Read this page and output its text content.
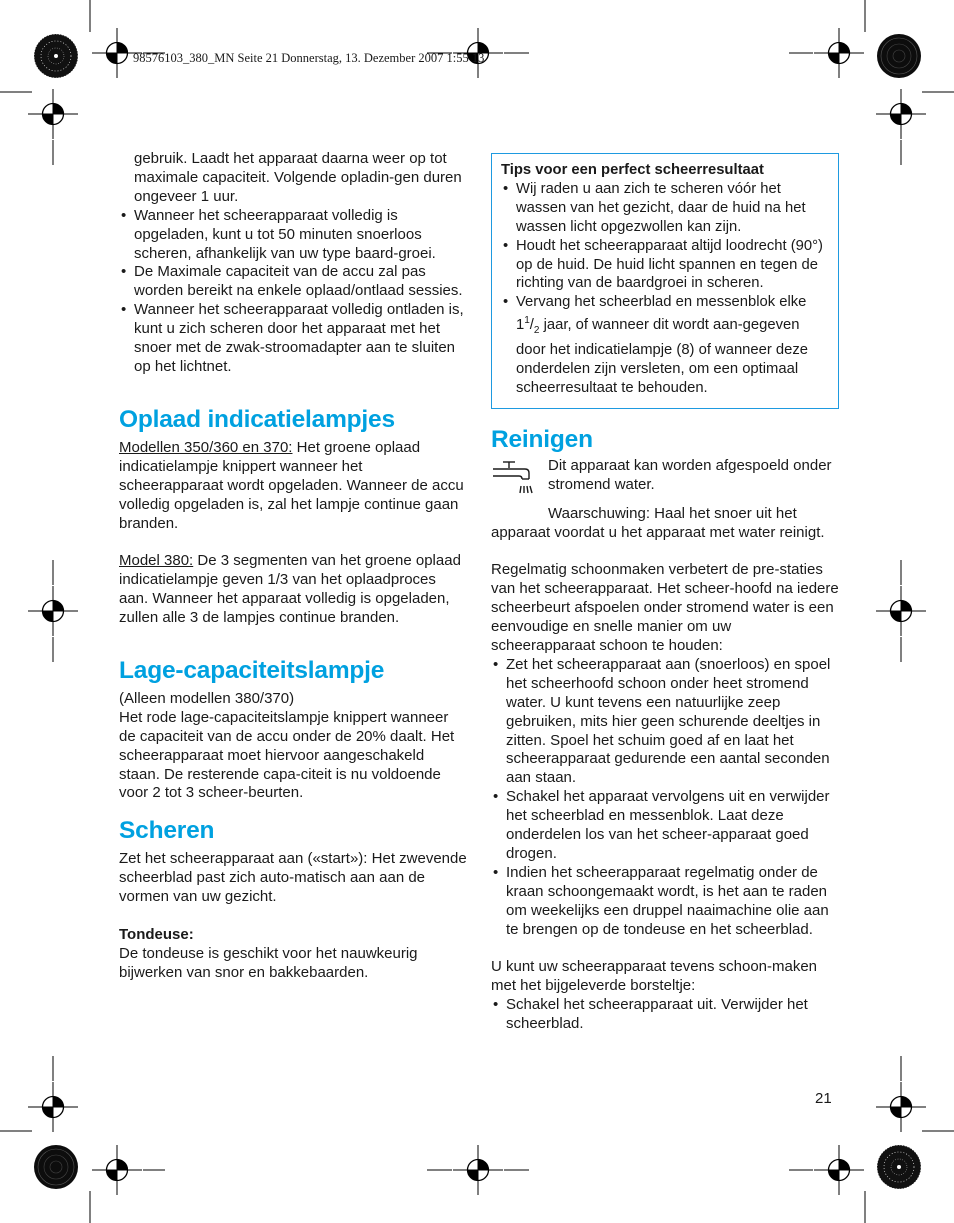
98576103_380_MN Seite 21 Donnerstag, 13. Dezember 2007 1:55 13

gebruik. Laadt het apparaat daarna weer op tot maximale capaciteit. Volgende opladin-gen duren ongeveer 1 uur.

• Wanneer het scheerapparaat volledig is opgeladen, kunt u tot 50 minuten snoerloos scheren, afhankelijk van uw type baard-groei.
• De Maximale capaciteit van de accu zal pas worden bereikt na enkele oplaad/ontlaad sessies.
• Wanneer het scheerapparaat volledig ontladen is, kunt u zich scheren door het apparaat met het snoer met de zwak-stroomadapter aan te sluiten op het lichtnet.
Oplaad indicatielampjes

Modellen 350/360 en 370: Het groene oplaad indicatielampje knippert wanneer het scheerapparaat wordt opgeladen. Wanneer de accu volledig opgeladen is, zal het lampje continue gaan branden.

Model 380: De 3 segmenten van het groene oplaad indicatielampje geven 1/3 van het oplaadproces aan. Wanneer het apparaat volledig is opgeladen, zullen alle 3 de lampjes continue branden.

Lage-capaciteitslampje

(Alleen modellen 380/370)

Het rode lage-capaciteitslampje knippert wanneer de capaciteit van de accu onder de 20% daalt. Het scheerapparaat moet hiervoor aangeschakeld staan. De resterende capa-citeit is nu voldoende voor 2 tot 3 scheer-beurten.

Scheren

Zet het scheerapparaat aan («start»): Het zwevende scheerblad past zich auto-matisch aan aan de vormen van uw gezicht.

Tondeuse:

De tondeuse is geschikt voor het nauwkeurig bijwerken van snor en bakkebaarden.

Tips voor een perfect scheerresultaat
• Wij raden u aan zich te scheren vóór het wassen van het gezicht, daar de huid na het wassen licht opgezwollen kan zijn.
• Houdt het scheerapparaat altijd loodrecht (90°) op de huid. De huid licht spannen en tegen de richting van de baardgroei in scheren.
• Vervang het scheerblad en messenblok elke $1^1/_2$ jaar, of wanneer dit wordt aan-gegeven door het indicatielampje (8) of wanneer deze onderdelen zijn versleten, om een optimaal scheerresultaat te behouden.
Reinigen

Dit apparaat kan worden afgespoeld onder stromend water.

Waarschuwing: Haal het snoer uit het apparaat voordat u het apparaat met water reinigt.

Regelmatig schoonmaken verbetert de pre-staties van het scheerapparaat. Het scheer-hoofd na iedere scheerbeurt afspoelen onder stromend water is een eenvoudige en snelle manier om uw scheerapparaat schoon te houden:

• Zet het scheerapparaat aan (snoerloos) en spoel het scheerhoofd schoon onder heet stromend water. U kunt tevens een natuurlijke zeep gebruiken, mits hier geen schurende deeltjes in zitten. Spoel het schuim goed af en laat het scheerapparaat gedurende een aantal seconden aan staan.
• Schakel het apparaat vervolgens uit en verwijder het scheerblad en messenblok. Laat deze onderdelen los van het scheer-apparaat goed drogen.
• Indien het scheerapparaat regelmatig onder de kraan schoongemaakt wordt, is het aan te raden om weekelijks een druppel naaimachine olie aan te brengen op de tondeuse en het scheerblad.

U kunt uw scheerapparaat tevens schoon-maken met het bijgeleverde borsteltje:

• Schakel het scheerapparaat uit. Verwijder het scheerblad.
21
